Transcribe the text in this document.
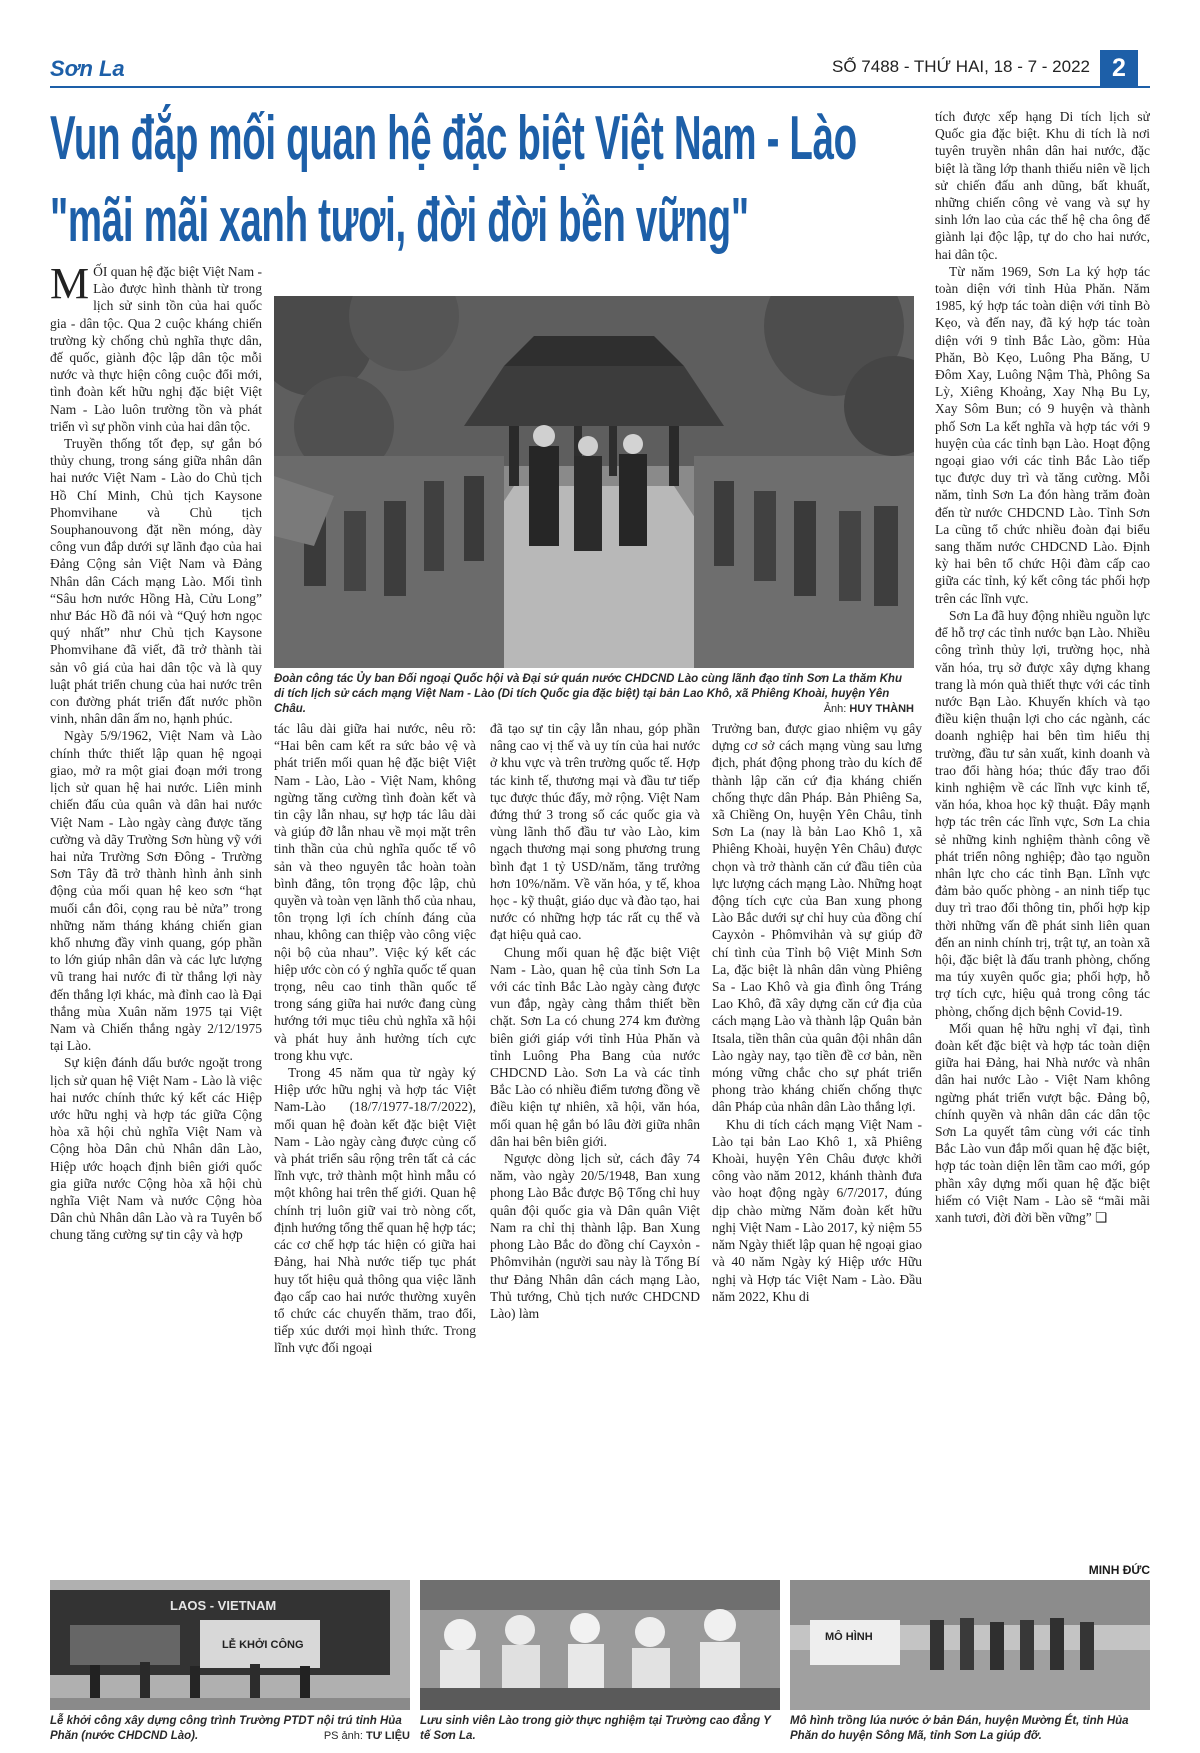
Sơn La	SỐ 7488 - THỨ HAI, 18 - 7 - 2022 2
Vun đắp mối quan hệ đặc biệt Việt Nam - Lào
"mãi mãi xanh tươi, đời đời bền vững"
Đoàn công tác Ủy ban Đối ngoại Quốc hội và Đại sứ quán nước CHDCND Lào cùng lãnh đạo tỉnh Sơn La thăm Khu di tích lịch sử cách mạng Việt Nam - Lào (Di tích Quốc gia đặc biệt) tại bản Lao Khô, xã Phiêng Khoài, huyện Yên Châu.	Ảnh: HUY THÀNH

MỐI quan hệ đặc biệt Việt Nam - Lào được hình thành từ trong lịch sử sinh tồn của hai quốc gia - dân tộc. Qua 2 cuộc kháng chiến trường kỳ chống chủ nghĩa thực dân, đế quốc, giành độc lập dân tộc mỗi nước và thực hiện công cuộc đổi mới, tình đoàn kết hữu nghị đặc biệt Việt Nam - Lào luôn trường tồn và phát triển vì sự phồn vinh của hai dân tộc.

Truyền thống tốt đẹp, sự gắn bó thủy chung, trong sáng giữa nhân dân hai nước Việt Nam - Lào do Chủ tịch Hồ Chí Minh, Chủ tịch Kaysone Phomvihane và Chủ tịch Souphanouvong đặt nền móng, dày công vun đắp dưới sự lãnh đạo của hai Đảng Cộng sản Việt Nam và Đảng Nhân dân Cách mạng Lào. Mối tình “Sâu hơn nước Hồng Hà, Cửu Long” như Bác Hồ đã nói và “Quý hơn ngọc quý nhất” như Chủ tịch Kaysone Phomvihane đã viết, đã trở thành tài sản vô giá của hai dân tộc và là quy luật phát triển chung của hai nước trên con đường phát triển đất nước phồn vinh, nhân dân ấm no, hạnh phúc.

Ngày 5/9/1962, Việt Nam và Lào chính thức thiết lập quan hệ ngoại giao, mở ra một giai đoạn mới trong lịch sử quan hệ hai nước. Liên minh chiến đấu của quân và dân hai nước Việt Nam - Lào ngày càng được tăng cường và dãy Trường Sơn hùng vỹ với hai nửa Trường Sơn Đông - Trường Sơn Tây đã trở thành hình ảnh sinh động của mối quan hệ keo sơn “hạt muối cắn đôi, cọng rau bẻ nửa” trong những năm tháng kháng chiến gian khổ nhưng đầy vinh quang, góp phần to lớn giúp nhân dân và các lực lượng vũ trang hai nước đi từ thắng lợi này đến thắng lợi khác, mà đỉnh cao là Đại thắng mùa Xuân năm 1975 tại Việt Nam và Chiến thắng ngày 2/12/1975 tại Lào.

Sự kiện đánh dấu bước ngoặt trong lịch sử quan hệ Việt Nam - Lào là việc hai nước chính thức ký kết các Hiệp ước hữu nghị và hợp tác giữa Cộng hòa xã hội chủ nghĩa Việt Nam và Cộng hòa Dân chủ Nhân dân Lào, Hiệp ước hoạch định biên giới quốc gia giữa nước Cộng hòa xã hội chủ nghĩa Việt Nam và nước Cộng hòa Dân chủ Nhân dân Lào và ra Tuyên bố chung tăng cường sự tin cậy và hợp

tác lâu dài giữa hai nước, nêu rõ: “Hai bên cam kết ra sức bảo vệ và phát triển mối quan hệ đặc biệt Việt Nam - Lào, Lào - Việt Nam, không ngừng tăng cường tình đoàn kết và tin cậy lẫn nhau, sự hợp tác lâu dài và giúp đỡ lẫn nhau về mọi mặt trên tinh thần của chủ nghĩa quốc tế vô sản và theo nguyên tắc hoàn toàn bình đẳng, tôn trọng độc lập, chủ quyền và toàn vẹn lãnh thổ của nhau, tôn trọng lợi ích chính đáng của nhau, không can thiệp vào công việc nội bộ của nhau”. Việc ký kết các hiệp ước còn có ý nghĩa quốc tế quan trọng, nêu cao tinh thần quốc tế trong sáng giữa hai nước đang cùng hướng tới mục tiêu chủ nghĩa xã hội và phát huy ảnh hưởng tích cực trong khu vực.

Trong 45 năm qua từ ngày ký Hiệp ước hữu nghị và hợp tác Việt Nam-Lào (18/7/1977-18/7/2022), mối quan hệ đoàn kết đặc biệt Việt Nam - Lào ngày càng được củng cố và phát triển sâu rộng trên tất cả các lĩnh vực, trở thành một hình mẫu có một không hai trên thế giới. Quan hệ chính trị luôn giữ vai trò nòng cốt, định hướng tổng thể quan hệ hợp tác; các cơ chế hợp tác hiện có giữa hai Đảng, hai Nhà nước tiếp tục phát huy tốt hiệu quả thông qua việc lãnh đạo cấp cao hai nước thường xuyên tổ chức các chuyến thăm, trao đổi, tiếp xúc dưới mọi hình thức. Trong lĩnh vực đối ngoại

đã tạo sự tin cậy lẫn nhau, góp phần nâng cao vị thế và uy tín của hai nước ở khu vực và trên trường quốc tế. Hợp tác kinh tế, thương mại và đầu tư tiếp tục được thúc đẩy, mở rộng. Việt Nam đứng thứ 3 trong số các quốc gia và vùng lãnh thổ đầu tư vào Lào, kim ngạch thương mại song phương trung bình đạt 1 tỷ USD/năm, tăng trưởng hơn 10%/năm. Về văn hóa, y tế, khoa học - kỹ thuật, giáo dục và đào tạo, hai nước có những hợp tác rất cụ thể và đạt hiệu quả cao.

Chung mối quan hệ đặc biệt Việt Nam - Lào, quan hệ của tỉnh Sơn La với các tỉnh Bắc Lào ngày càng được vun đắp, ngày càng thắm thiết bền chặt. Sơn La có chung 274 km đường biên giới giáp với tỉnh Hủa Phăn và tỉnh Luông Pha Bang của nước CHDCND Lào. Sơn La và các tỉnh Bắc Lào có nhiều điểm tương đồng về điều kiện tự nhiên, xã hội, văn hóa, mối quan hệ gắn bó lâu đời giữa nhân dân hai bên biên giới.

Ngược dòng lịch sử, cách đây 74 năm, vào ngày 20/5/1948, Ban xung phong Lào Bắc được Bộ Tổng chỉ huy quân đội quốc gia và Dân quân Việt Nam ra chỉ thị thành lập. Ban Xung phong Lào Bắc do đồng chí Cayxỏn - Phômvihản (người sau này là Tổng Bí thư Đảng Nhân dân cách mạng Lào, Thủ tướng, Chủ tịch nước CHDCND Lào) làm

Trưởng ban, được giao nhiệm vụ gây dựng cơ sở cách mạng vùng sau lưng địch, phát động phong trào du kích để thành lập căn cứ địa kháng chiến chống thực dân Pháp. Bản Phiêng Sa, xã Chiềng On, huyện Yên Châu, tỉnh Sơn La (nay là bản Lao Khô 1, xã Phiêng Khoài, huyện Yên Châu) được chọn và trở thành căn cứ đầu tiên của lực lượng cách mạng Lào. Những hoạt động tích cực của Ban xung phong Lào Bắc dưới sự chỉ huy của đồng chí Cayxỏn - Phômvihản và sự giúp đỡ chí tình của Tỉnh bộ Việt Minh Sơn La, đặc biệt là nhân dân vùng Phiêng Sa - Lao Khô và gia đình ông Tráng Lao Khô, đã xây dựng căn cứ địa của cách mạng Lào và thành lập Quân bản Itsala, tiền thân của quân đội nhân dân Lào ngày nay, tạo tiền đề cơ bản, nền móng vững chắc cho sự phát triển phong trào kháng chiến chống thực dân Pháp của nhân dân Lào thắng lợi.

Khu di tích cách mạng Việt Nam - Lào tại bản Lao Khô 1, xã Phiêng Khoài, huyện Yên Châu được khởi công vào năm 2012, khánh thành đưa vào hoạt động ngày 6/7/2017, đúng dịp chào mừng Năm đoàn kết hữu nghị Việt Nam - Lào 2017, kỷ niệm 55 năm Ngày thiết lập quan hệ ngoại giao và 40 năm Ngày ký Hiệp ước Hữu nghị và Hợp tác Việt Nam - Lào. Đầu năm 2022, Khu di

tích được xếp hạng Di tích lịch sử Quốc gia đặc biệt. Khu di tích là nơi tuyên truyền nhân dân hai nước, đặc biệt là tầng lớp thanh thiếu niên về lịch sử chiến đấu anh dũng, bất khuất, những chiến công vẻ vang và sự hy sinh lớn lao của các thế hệ cha ông để giành lại độc lập, tự do cho hai nước, hai dân tộc.

Từ năm 1969, Sơn La ký hợp tác toàn diện với tỉnh Hủa Phăn. Năm 1985, ký hợp tác toàn diện với tỉnh Bò Kẹo, và đến nay, đã ký hợp tác toàn diện với 9 tỉnh Bắc Lào, gồm: Hủa Phăn, Bò Kẹo, Luông Pha Băng, U Đôm Xay, Luông Nậm Thà, Phông Sa Lỳ, Xiêng Khoảng, Xay Nhạ Bu Ly, Xay Sôm Bun; có 9 huyện và thành phố Sơn La kết nghĩa và hợp tác với 9 huyện của các tỉnh bạn Lào. Hoạt động ngoại giao với các tỉnh Bắc Lào tiếp tục được duy trì và tăng cường. Mỗi năm, tỉnh Sơn La đón hàng trăm đoàn đến từ nước CHDCND Lào. Tỉnh Sơn La cũng tổ chức nhiều đoàn đại biểu sang thăm nước CHDCND Lào. Định kỳ hai bên tổ chức Hội đàm cấp cao giữa các tỉnh, ký kết công tác phối hợp trên các lĩnh vực.

Sơn La đã huy động nhiều nguồn lực để hỗ trợ các tỉnh nước bạn Lào. Nhiều công trình thủy lợi, trường học, nhà văn hóa, trụ sở được xây dựng khang trang là món quà thiết thực với các tỉnh nước Bạn Lào. Khuyến khích và tạo điều kiện thuận lợi cho các ngành, các doanh nghiệp hai bên tìm hiểu thị trường, đầu tư sản xuất, kinh doanh và trao đổi hàng hóa; thúc đẩy trao đổi kinh nghiệm về các lĩnh vực kinh tế, văn hóa, khoa học kỹ thuật. Đây mạnh hợp tác trên các lĩnh vực, Sơn La chia sẻ những kinh nghiệm thành công về phát triển nông nghiệp; đào tạo nguồn nhân lực cho các tỉnh Bạn. Lĩnh vực đảm bảo quốc phòng - an ninh tiếp tục duy trì trao đổi thông tin, phối hợp kịp thời những vấn đề phát sinh liên quan đến an ninh chính trị, trật tự, an toàn xã hội, đặc biệt là đấu tranh phòng, chống ma túy xuyên quốc gia; phối hợp, hỗ trợ tích cực, hiệu quả trong công tác phòng, chống dịch bệnh Covid-19.

Mối quan hệ hữu nghị vĩ đại, tình đoàn kết đặc biệt và hợp tác toàn diện giữa hai Đảng, hai Nhà nước và nhân dân hai nước Lào - Việt Nam không ngừng phát triển vượt bậc. Đảng bộ, chính quyền và nhân dân các dân tộc Sơn La quyết tâm cùng với các tỉnh Bắc Lào vun đắp mối quan hệ đặc biệt, hợp tác toàn diện lên tầm cao mới, góp phần xây dựng mối quan hệ đặc biệt hiếm có Việt Nam - Lào sẽ “mãi mãi xanh tươi, đời đời bền vững” ❏

MINH ĐỨC
LAOS - VIETNAM
LỄ KHỞI CÔNG
Lễ khởi công xây dựng công trình Trường PTDT nội trú tỉnh Hủa Phăn (nước CHDCND Lào).	PS ảnh: TƯ LIỆU
Lưu sinh viên Lào trong giờ thực nghiệm tại Trường cao đẳng Y tế Sơn La.
MÔ HÌNH
Mô hình trồng lúa nước ở bản Đán, huyện Mường Ét, tỉnh Hủa Phăn do huyện Sông Mã, tỉnh Sơn La giúp đỡ.
